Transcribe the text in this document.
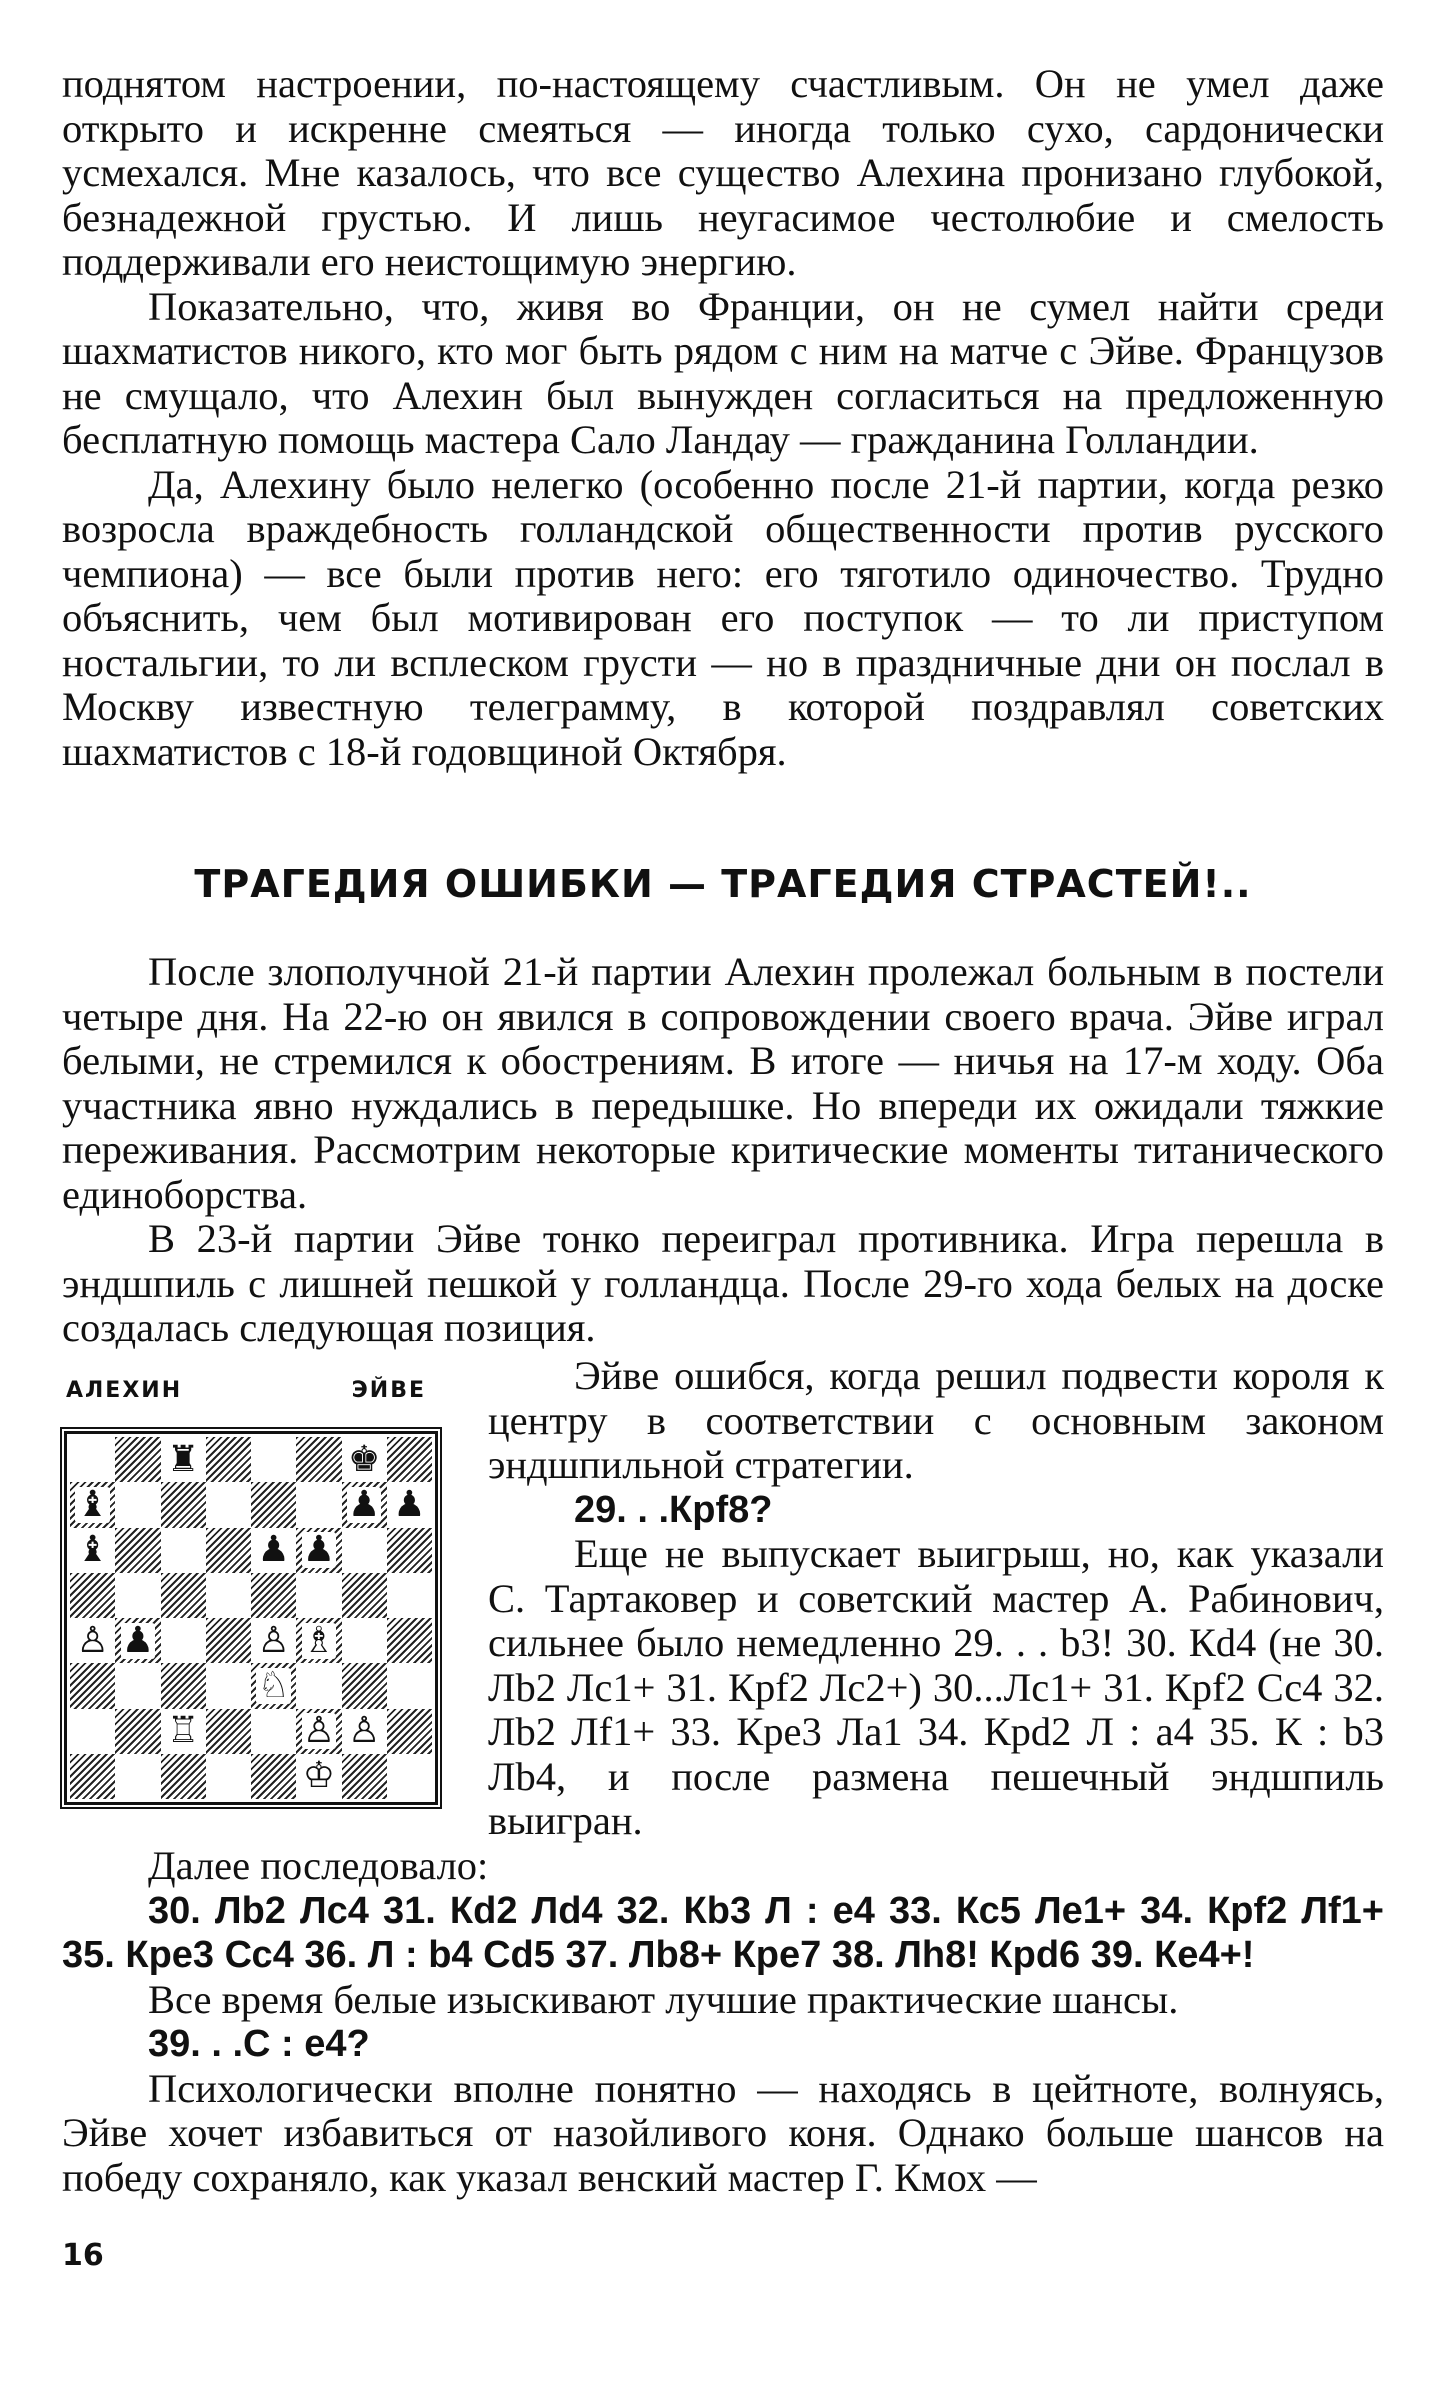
поднятом настроении, по-настоящему счастливым. Он не умел даже открыто и искренне смеяться — иногда только сухо, сардонически усмехался. Мне казалось, что все существо Алехина пронизано глубокой, безнадежной грустью. И лишь неугасимое честолюбие и смелость поддерживали его неистощимую энергию.

Показательно, что, живя во Франции, он не сумел найти среди шахматистов никого, кто мог быть рядом с ним на матче с Эйве. Французов не смущало, что Алехин был вынужден согласиться на предложенную бесплатную помощь мастера Сало Ландау — гражданина Голландии.

Да, Алехину было нелегко (особенно после 21-й партии, когда резко возросла враждебность голландской общественности против русского чемпиона) — все были против него: его тяготило одиночество. Трудно объяснить, чем был мотивирован его поступок — то ли приступом ностальгии, то ли всплеском грусти — но в праздничные дни он послал в Москву известную телеграмму, в которой поздравлял советских шахматистов с 18-й годовщиной Октября.

ТРАГЕДИЯ ОШИБКИ — ТРАГЕДИЯ СТРАСТЕЙ!..

После злополучной 21-й партии Алехин пролежал больным в постели четыре дня. На 22-ю он явился в сопровождении своего врача. Эйве играл белыми, не стремился к обострениям. В итоге — ничья на 17-м ходу. Оба участника явно нуждались в передышке. Но впереди их ожидали тяжкие переживания. Рассмотрим некоторые критические моменты титанического единоборства.

В 23-й партии Эйве тонко переиграл противника. Игра перешла в эндшпиль с лишней пешкой у голландца. После 29-го хода белых на доске создалась следующая позиция.

АЛЕХИН	ЭЙВЕ
♜	♚
♝	♟ ♟
♝	♟ ♟
♙ ♟	♙ ♗
♘
♖	♙ ♙
♔

Эйве ошибся, когда решил подвести короля к центру в соответствии с основным законом эндшпильной стратегии.

29. . .Крf8?

Еще не выпускает выигрыш, но, как указали С. Тартаковер и советский мастер А. Рабинович, сильнее было немедленно 29. . . b3! 30. Кd4 (не 30. Лb2 Лс1+ 31. Крf2 Лс2+) 30...Лс1+ 31. Крf2 Сс4 32. Лb2 Лf1+ 33. Кре3 Ла1 34. Крd2 Л : а4 35. К : b3 Лb4, и после размена пешечный эндшпиль выигран.

Далее последовало:

30. Лb2 Лс4 31. Кd2 Лd4 32. Кb3 Л : е4 33. Кс5 Ле1+ 34. Крf2 Лf1+ 35. Кре3 Сс4 36. Л : b4 Сd5 37. Лb8+ Кре7 38. Лh8! Крd6 39. Ке4+!

Все время белые изыскивают лучшие практические шансы.

39. . .С : е4?

Психологически вполне понятно — находясь в цейтноте, волнуясь, Эйве хочет избавиться от назойливого коня. Однако больше шансов на победу сохраняло, как указал венский мастер Г. Кмох —

16
